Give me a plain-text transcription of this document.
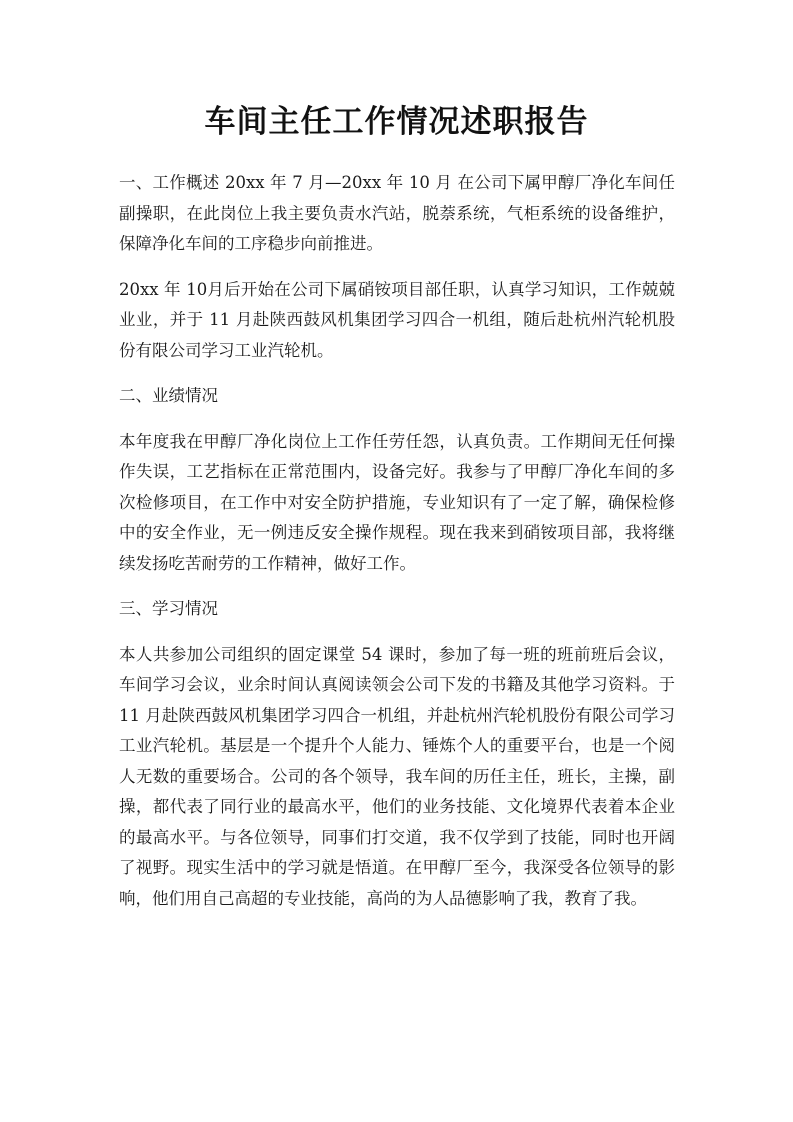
车间主任工作情况述职报告

一、工作概述 20xx 年 7 月—20xx 年 10 月 在公司下属甲醇厂净化车间任副操职，在此岗位上我主要负责水汽站，脱萘系统，气柜系统的设备维护，保障净化车间的工序稳步向前推进。

20xx 年 10月后开始在公司下属硝铵项目部任职，认真学习知识，工作兢兢业业，并于 11 月赴陕西鼓风机集团学习四合一机组，随后赴杭州汽轮机股份有限公司学习工业汽轮机。

二、业绩情况

本年度我在甲醇厂净化岗位上工作任劳任怨，认真负责。工作期间无任何操作失误，工艺指标在正常范围内，设备完好。我参与了甲醇厂净化车间的多次检修项目，在工作中对安全防护措施，专业知识有了一定了解，确保检修中的安全作业，无一例违反安全操作规程。现在我来到硝铵项目部，我将继续发扬吃苦耐劳的工作精神，做好工作。

三、学习情况

本人共参加公司组织的固定课堂 54 课时，参加了每一班的班前班后会议，车间学习会议，业余时间认真阅读领会公司下发的书籍及其他学习资料。于 11 月赴陕西鼓风机集团学习四合一机组，并赴杭州汽轮机股份有限公司学习工业汽轮机。基层是一个提升个人能力、锤炼个人的重要平台，也是一个阅人无数的重要场合。公司的各个领导，我车间的历任主任，班长，主操，副操，都代表了同行业的最高水平，他们的业务技能、文化境界代表着本企业的最高水平。与各位领导，同事们打交道，我不仅学到了技能，同时也开阔了视野。现实生活中的学习就是悟道。在甲醇厂至今，我深受各位领导的影响，他们用自己高超的专业技能，高尚的为人品德影响了我，教育了我。
